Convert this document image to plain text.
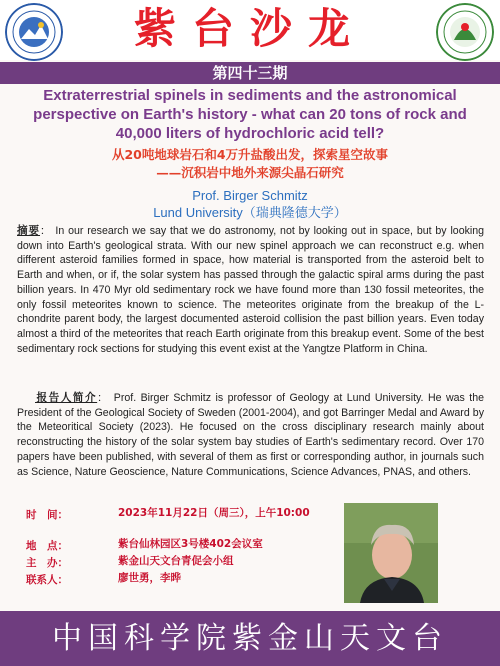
紫台沙龙
第四十三期
Extraterrestrial spinels in sediments and the astronomical perspective on Earth's history - what can 20 tons of rock and 40,000 liters of hydrochloric acid tell?
从20吨地球岩石和4万升盐酸出发，探索星空故事
——沉积岩中地外来源尖晶石研究
Prof. Birger Schmitz
Lund University（瑞典隆德大学）
摘要： In our research we say that we do astronomy, not by looking out in space, but by looking down into Earth's geological strata. With our new spinel approach we can reconstruct e.g. when different asteroid families formed in space, how material is transported from the asteroid belt to Earth and when, or if, the solar system has passed through the galactic spiral arms during the past billion years. In 470 Myr old sedimentary rock we have found more than 130 fossil meteorites, the only fossil meteorites known to science. The meteorites originate from the breakup of the L-chondrite parent body, the largest documented asteroid collision the past billion years. Even today almost a third of the meteorites that reach Earth originate from this breakup event. Some of the best sedimentary rock sections for studying this event exist at the Yangtze Platform in China.
报告人简介： Prof. Birger Schmitz is professor of Geology at Lund University. He was the President of the Geological Society of Sweden (2001-2004), and got Barringer Medal and Award by the Meteoritical Society (2023). He focused on the cross disciplinary research mainly about reconstructing the history of the solar system bay studies of Earth's sedimentary record. Over 170 papers have been published, with several of them as first or corresponding author, in journals such as Science, Nature Geoscience, Nature Communications, Science Advances, PNAS, and others.
时　间：	2023年11月22日（周三），上午10:00
地　点：	紫台仙林园区3号楼402会议室
主　办：	紫金山天文台青促会小组
联系人：	廖世勇，李晔
中国科学院紫金山天文台
